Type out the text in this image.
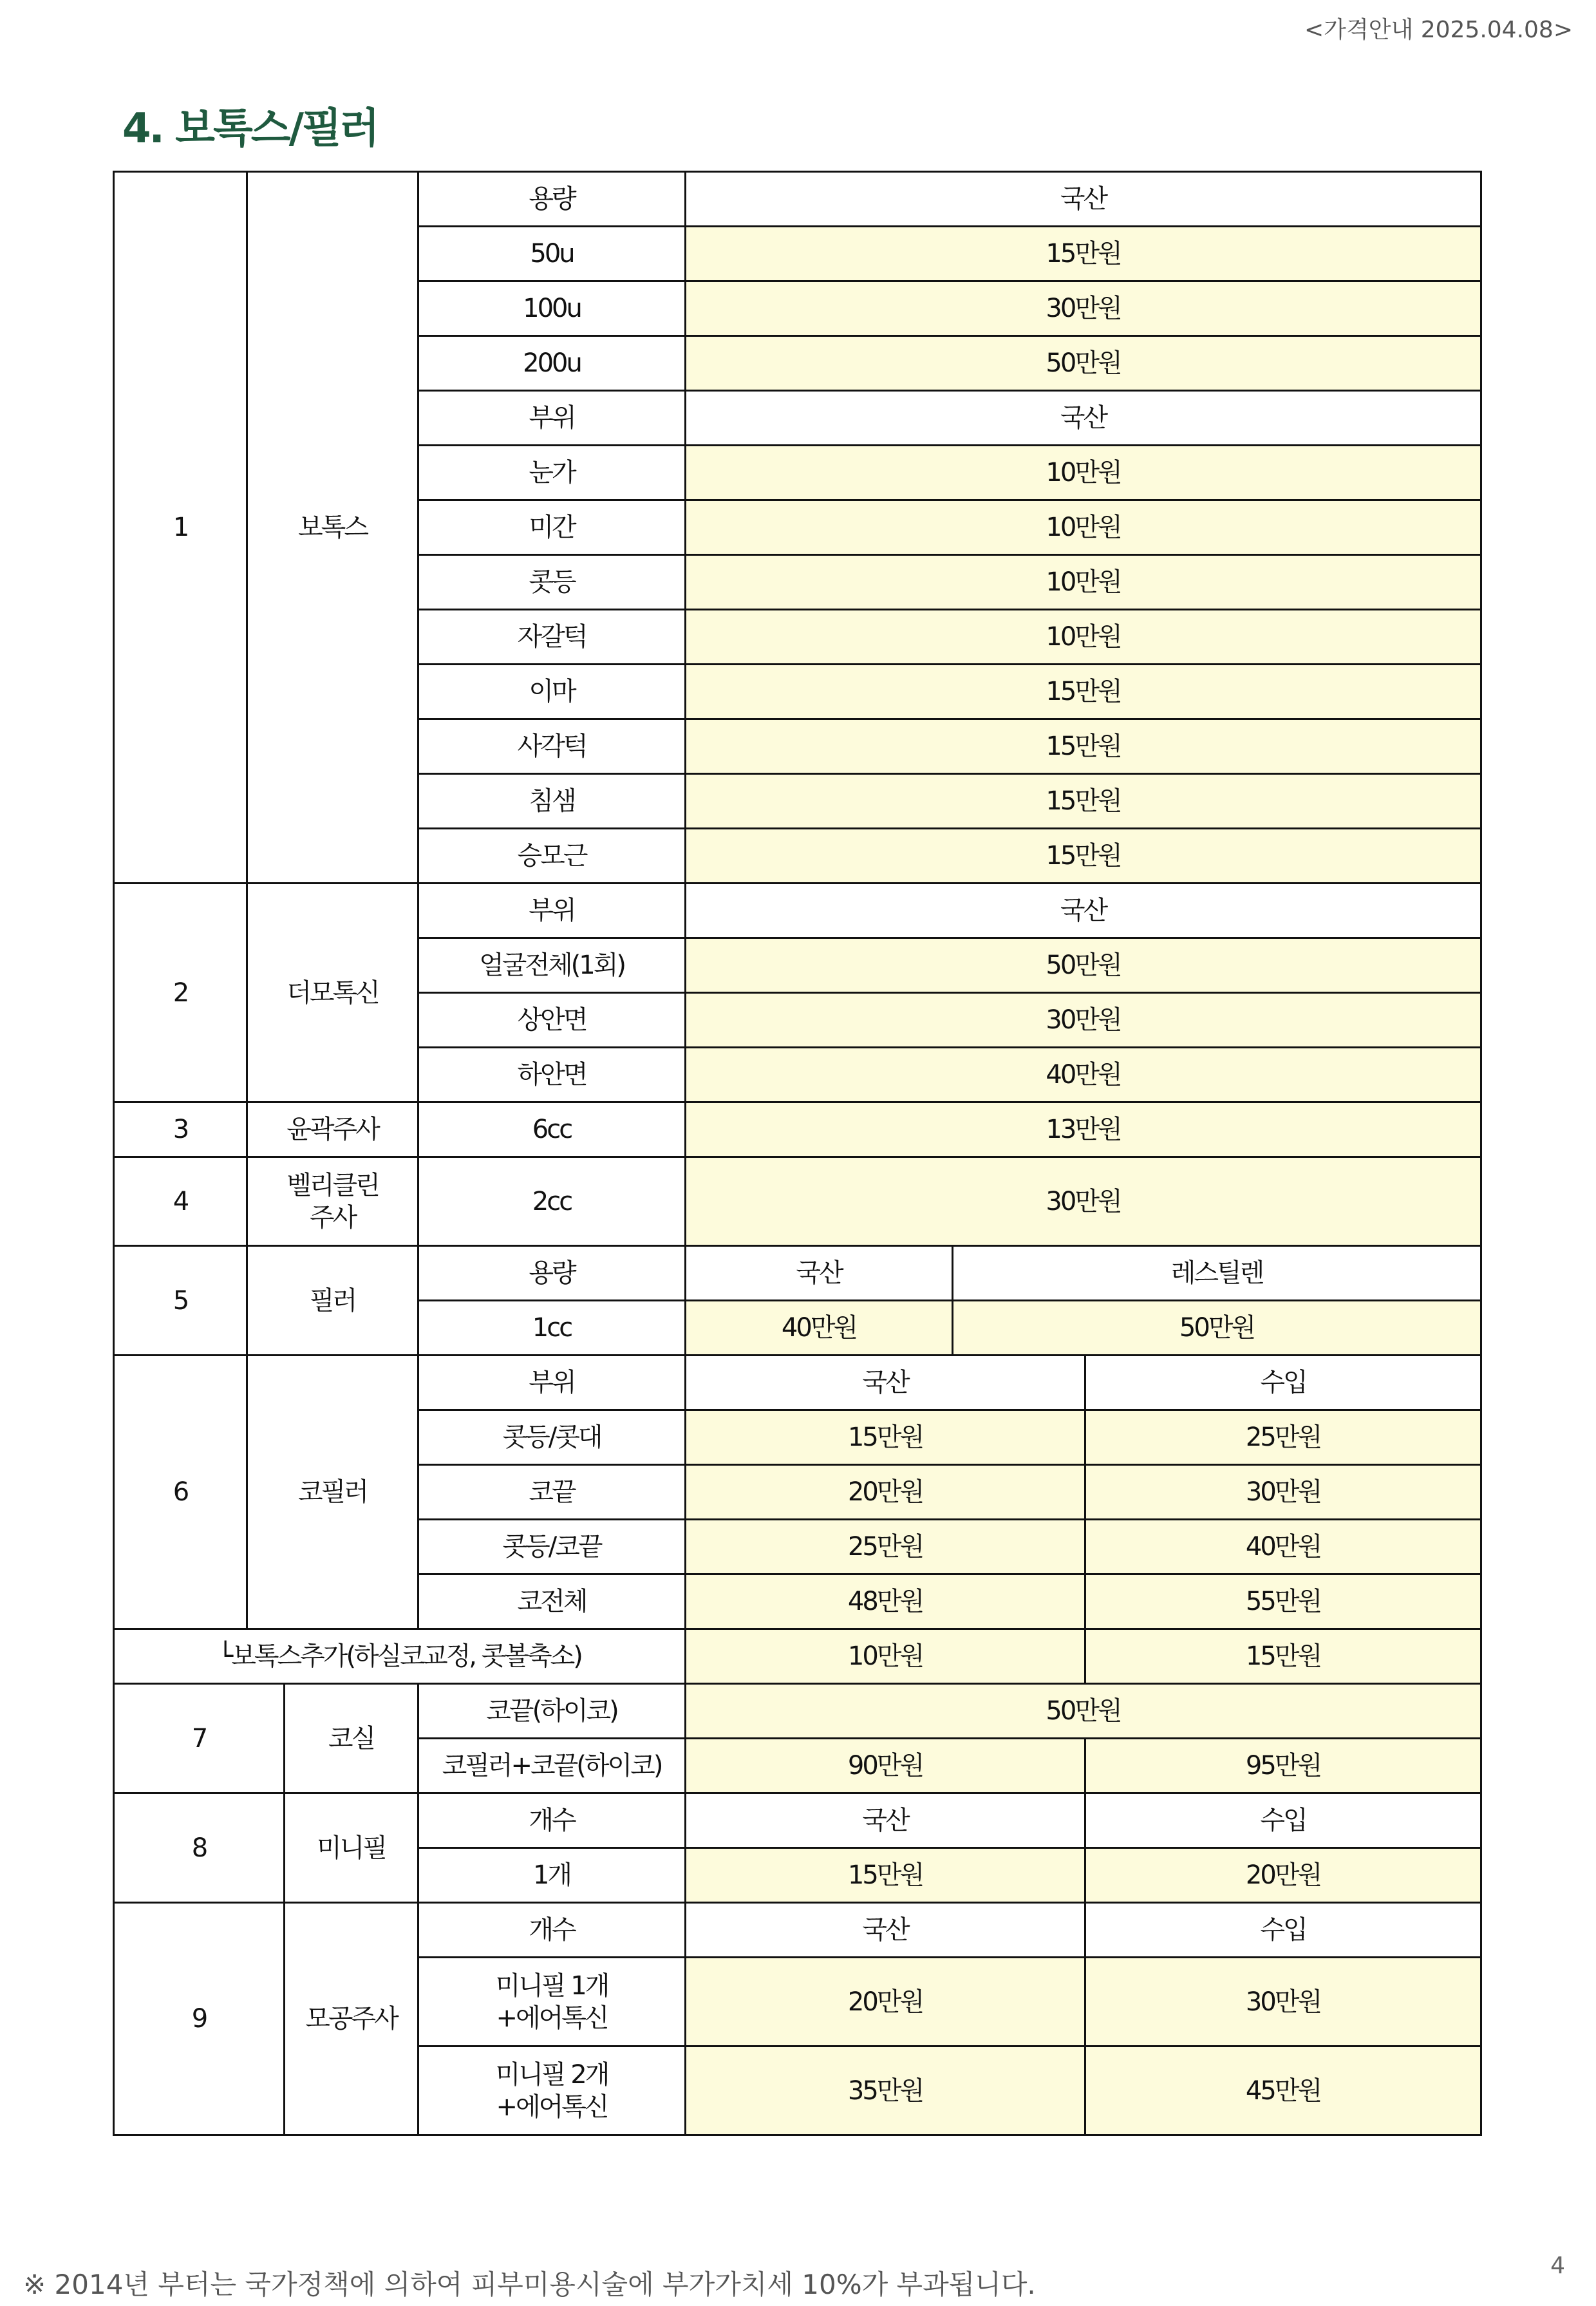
<가격안내 2025.04.08>
4. 보톡스/필러
1	보톡스		용량	국산		
			50u	15만원		
			100u	30만원		
			200u	50만원		
			부위	국산		
			눈가	10만원		
			미간	10만원		
			콧등	10만원		
			자갈턱	10만원		
			이마	15만원		
			사각턱	15만원		
			침샘	15만원		
			승모근	15만원		
2	더모톡신		부위	국산		
			얼굴전체(1회)	50만원		
			상안면	30만원		
			하안면	40만원		
3	윤곽주사		6cc	13만원		
4	벨리클린
주사		2cc	30만원		
5	필러		용량	국산	레스틸렌
			1cc	40만원	50만원	
6	코필러		부위	국산		수입
			콧등/콧대	15만원		25만원
			코끝	20만원		30만원
			콧등/코끝	25만원		40만원
			코전체	48만원		55만원
└보톡스추가(하실코교정, 콧볼축소)				10만원		15만원
7		코실	코끝(하이코)	50만원		
			코필러+코끝(하이코)	90만원		95만원
8		미니필	개수	국산		수입
			1개	15만원		20만원
9		모공주사	개수	국산		수입

			미니필 1개
+에어톡신	20만원		30만원

			미니필 2개
+에어톡신	35만원		45만원
※ 2014년 부터는 국가정책에 의하여 피부미용시술에 부가가치세 10%가 부과됩니다.
4
